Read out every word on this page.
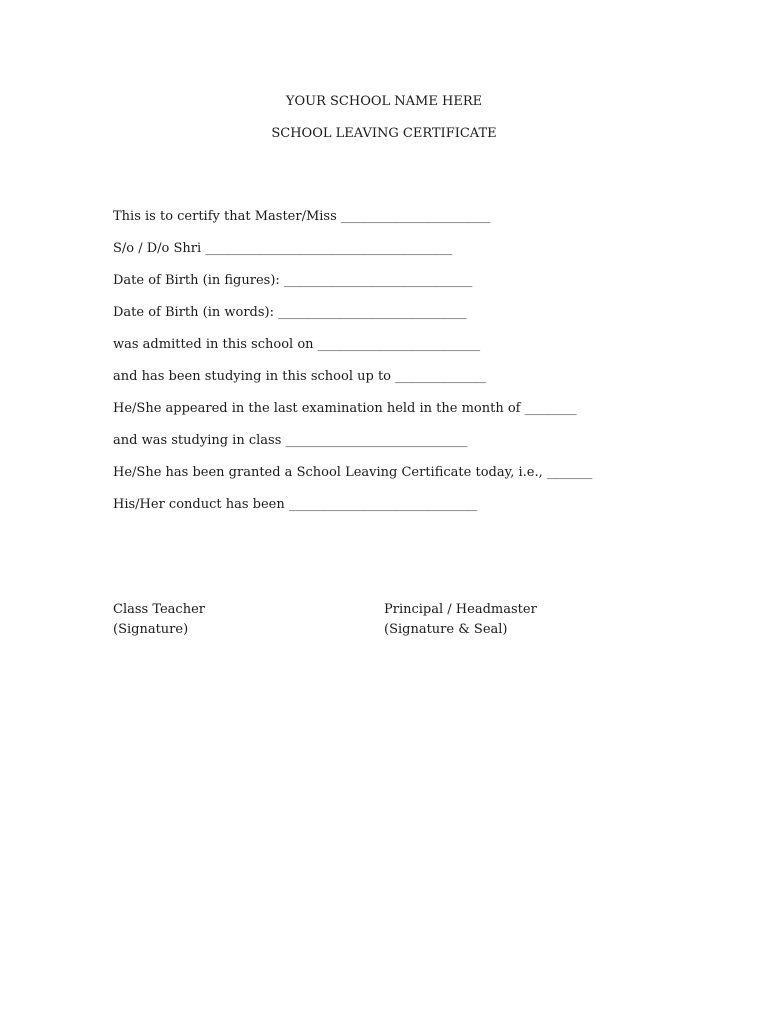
YOUR SCHOOL NAME HERE
SCHOOL LEAVING CERTIFICATE
This is to certify that Master/Miss _______________________
S/o / D/o Shri ______________________________________
Date of Birth (in figures): _____________________________
Date of Birth (in words): _____________________________
was admitted in this school on _________________________
and has been studying in this school up to ______________
He/She appeared in the last examination held in the month of ________
and was studying in class ____________________________
He/She has been granted a School Leaving Certificate today, i.e., _______
His/Her conduct has been _____________________________
Class Teacher
(Signature)
Principal / Headmaster
(Signature & Seal)
